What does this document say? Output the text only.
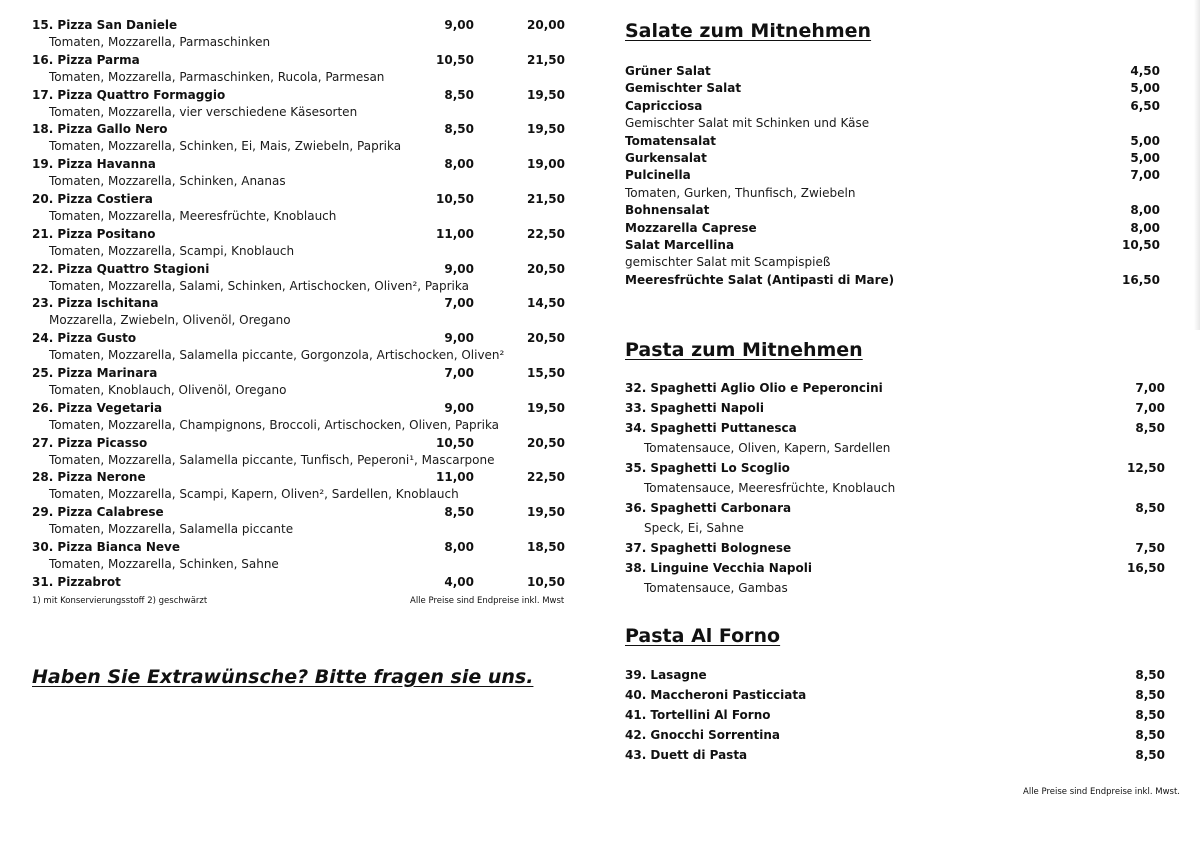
15. Pizza San Daniele	9,00	20,00
Tomaten, Mozzarella, Parmaschinken
16. Pizza Parma	10,50	21,50
Tomaten, Mozzarella, Parmaschinken, Rucola, Parmesan
17. Pizza Quattro Formaggio	8,50	19,50
Tomaten, Mozzarella, vier verschiedene Käsesorten
18. Pizza Gallo Nero	8,50	19,50
Tomaten, Mozzarella, Schinken, Ei, Mais, Zwiebeln, Paprika
19. Pizza Havanna	8,00	19,00
Tomaten, Mozzarella, Schinken, Ananas
20. Pizza Costiera	10,50	21,50
Tomaten, Mozzarella, Meeresfrüchte, Knoblauch
21. Pizza Positano	11,00	22,50
Tomaten, Mozzarella, Scampi, Knoblauch
22. Pizza Quattro Stagioni	9,00	20,50
Tomaten, Mozzarella, Salami, Schinken, Artischocken, Oliven², Paprika
23. Pizza Ischitana	7,00	14,50
Mozzarella, Zwiebeln, Olivenöl, Oregano
24. Pizza Gusto	9,00	20,50
Tomaten, Mozzarella, Salamella piccante, Gorgonzola, Artischocken, Oliven²
25. Pizza Marinara	7,00	15,50
Tomaten, Knoblauch, Olivenöl, Oregano
26. Pizza Vegetaria	9,00	19,50
Tomaten, Mozzarella, Champignons, Broccoli, Artischocken, Oliven, Paprika
27. Pizza Picasso	10,50	20,50
Tomaten, Mozzarella, Salamella piccante, Tunfisch, Peperoni¹, Mascarpone
28. Pizza Nerone	11,00	22,50
Tomaten, Mozzarella, Scampi, Kapern, Oliven², Sardellen, Knoblauch
29. Pizza Calabrese	8,50	19,50
Tomaten, Mozzarella, Salamella piccante
30. Pizza Bianca Neve	8,00	18,50
Tomaten, Mozzarella, Schinken, Sahne
31. Pizzabrot	4,00	10,50
1) mit Konservierungsstoff 2) geschwärzt	Alle Preise sind Endpreise inkl. Mwst
Haben Sie Extrawünsche? Bitte fragen sie uns.
Salate zum Mitnehmen
Grüner Salat	4,50
Gemischter Salat	5,00
Capricciosa	6,50
Gemischter Salat mit Schinken und Käse
Tomatensalat	5,00
Gurkensalat	5,00
Pulcinella	7,00
Tomaten, Gurken, Thunfisch, Zwiebeln
Bohnensalat	8,00
Mozzarella Caprese	8,00
Salat Marcellina	10,50
gemischter Salat mit Scampispieß
Meeresfrüchte Salat (Antipasti di Mare)	16,50
Pasta zum Mitnehmen
32. Spaghetti Aglio Olio e Peperoncini	7,00
33. Spaghetti Napoli	7,00
34. Spaghetti Puttanesca	8,50
Tomatensauce, Oliven, Kapern, Sardellen
35. Spaghetti Lo Scoglio	12,50
Tomatensauce, Meeresfrüchte, Knoblauch
36. Spaghetti Carbonara	8,50
Speck, Ei, Sahne
37. Spaghetti Bolognese	7,50
38. Linguine Vecchia Napoli	16,50
Tomatensauce, Gambas
Pasta Al Forno
39. Lasagne	8,50
40. Maccheroni Pasticciata	8,50
41. Tortellini Al Forno	8,50
42. Gnocchi Sorrentina	8,50
43. Duett di Pasta	8,50
Alle Preise sind Endpreise inkl. Mwst.
